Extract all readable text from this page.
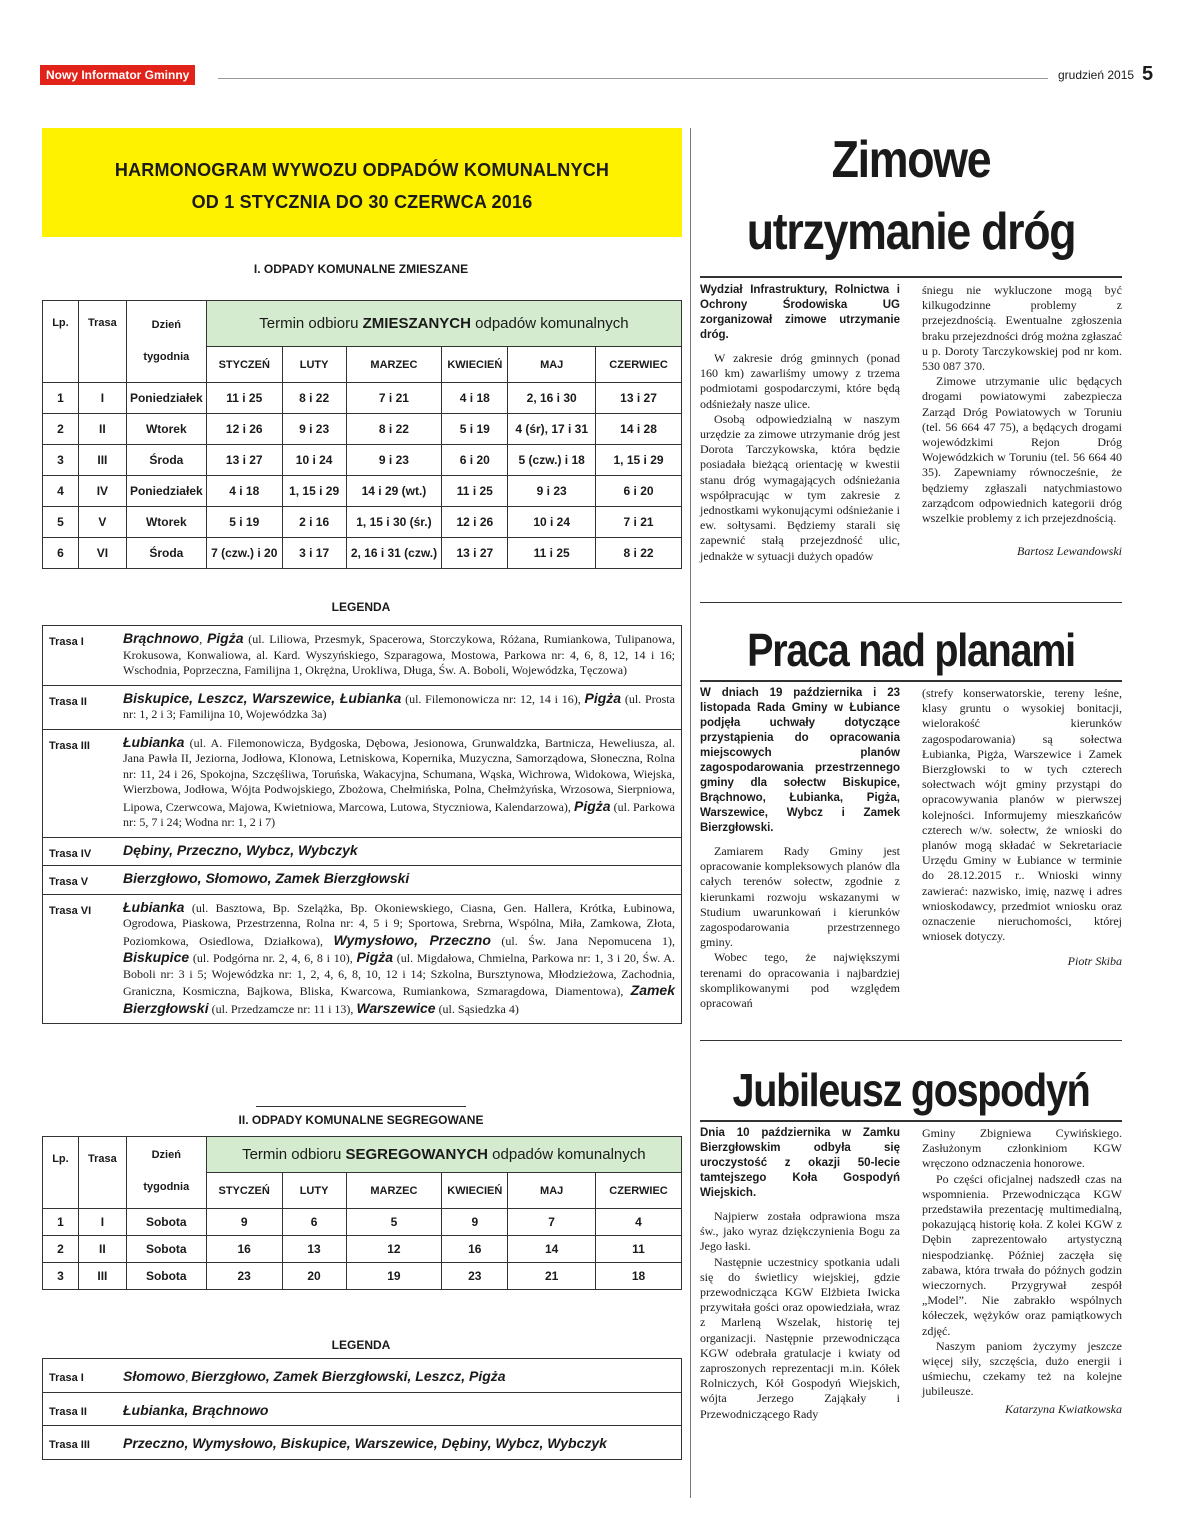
Nowy Informator Gminny	grudzień 2015 5
HARMONOGRAM WYWOZU ODPADÓW KOMUNALNYCH
OD 1 STYCZNIA DO 30 CZERWCA 2016
I. ODPADY KOMUNALNE ZMIESZANE
Lp.	Trasa	Dzień
tygodnia	Termin odbioru ZMIESZANYCH odpadów komunalnych					
			STYCZEŃ	LUTY	MARZEC	KWIECIEŃ	MAJ	CZERWIEC
1	I	Poniedziałek	11 i 25	8 i 22	7 i 21	4 i 18	2, 16 i 30	13 i 27
2	II	Wtorek	12 i 26	9 i 23	8 i 22	5 i 19	4 (śr), 17 i 31	14 i 28
3	III	Środa	13 i 27	10 i 24	9 i 23	6 i 20	5 (czw.) i 18	1, 15 i 29
4	IV	Poniedziałek	4 i 18	1, 15 i 29	14 i 29 (wt.)	11 i 25	9 i 23	6 i 20
5	V	Wtorek	5 i 19	2 i 16	1, 15 i 30 (śr.)	12 i 26	10 i 24	7 i 21
6	VI	Środa	7 (czw.) i 20	3 i 17	2, 16 i 31 (czw.)	13 i 27	11 i 25	8 i 22
LEGENDA
Trasa I	Brąchnowo, Pigża (ul. Liliowa, Przesmyk, Spacerowa, Storczykowa, Różana, Rumiankowa, Tulipanowa, Krokusowa, Konwaliowa, al. Kard. Wyszyńskiego, Szparagowa, Mostowa, Parkowa nr: 4, 6, 8, 12, 14 i 16; Wschodnia, Poprzeczna, Familijna 1, Okrężna, Urokliwa, Długa, Św. A. Boboli, Wojewódzka, Tęczowa)
Trasa II	Biskupice, Leszcz, Warszewice, Łubianka (ul. Filemonowicza nr: 12, 14 i 16), Pigża (ul. Prosta nr: 1, 2 i 3; Familijna 10, Wojewódzka 3a)
Trasa III	Łubianka (ul. A. Filemonowicza, Bydgoska, Dębowa, Jesionowa, Grunwaldzka, Bartnicza, Heweliusza, al. Jana Pawła II, Jeziorna, Jodłowa, Klonowa, Letniskowa, Kopernika, Muzyczna, Samorządowa, Słoneczna, Rolna nr: 11, 24 i 26, Spokojna, Szczęśliwa, Toruńska, Wakacyjna, Schumana, Wąska, Wichrowa, Widokowa, Wiejska, Wierzbowa, Jodłowa, Wójta Podwojskiego, Zbożowa, Chełmińska, Polna, Chełmżyńska, Wrzosowa, Sierpniowa, Lipowa, Czerwcowa, Majowa, Kwietniowa, Marcowa, Lutowa, Styczniowa, Kalendarzowa), Pigża (ul. Parkowa nr: 5, 7 i 24; Wodna nr: 1, 2 i 7)
Trasa IV	Dębiny, Przeczno, Wybcz, Wybczyk
Trasa V	Bierzgłowo, Słomowo, Zamek Bierzgłowski
Trasa VI	Łubianka (ul. Basztowa, Bp. Szelążka, Bp. Okoniewskiego, Ciasna, Gen. Hallera, Krótka, Łubinowa, Ogrodowa, Piaskowa, Przestrzenna, Rolna nr: 4, 5 i 9; Sportowa, Srebrna, Wspólna, Miła, Zamkowa, Złota, Poziomkowa, Osiedlowa, Działkowa), Wymysłowo, Przeczno (ul. Św. Jana Nepomucena 1), Biskupice (ul. Podgórna nr. 2, 4, 6, 8 i 10), Pigża (ul. Migdałowa, Chmielna, Parkowa nr: 1, 3 i 20, Św. A. Boboli nr: 3 i 5; Wojewódzka nr: 1, 2, 4, 6, 8, 10, 12 i 14; Szkolna, Bursztynowa, Młodzieżowa, Zachodnia, Graniczna, Kosmiczna, Bajkowa, Bliska, Kwarcowa, Rumiankowa, Szmaragdowa, Diamentowa), Zamek Bierzgłowski (ul. Przedzamcze nr: 11 i 13), Warszewice (ul. Sąsiedzka 4)
II. ODPADY KOMUNALNE SEGREGOWANE
Lp.	Trasa	Dzień
tygodnia	Termin odbioru SEGREGOWANYCH odpadów komunalnych					
			STYCZEŃ	LUTY	MARZEC	KWIECIEŃ	MAJ	CZERWIEC
1	I	Sobota	9	6	5	9	7	4
2	II	Sobota	16	13	12	16	14	11
3	III	Sobota	23	20	19	23	21	18
LEGENDA
Trasa I	Słomowo, Bierzgłowo, Zamek Bierzgłowski, Leszcz, Pigża
Trasa II	Łubianka, Brąchnowo
Trasa III	Przeczno, Wymysłowo, Biskupice, Warszewice, Dębiny, Wybcz, Wybczyk
Zimowe
utrzymanie dróg

Wydział Infrastruktury, Rolnictwa i Ochrony Środowiska UG zorganizował zimowe utrzymanie dróg.

W zakresie dróg gminnych (ponad 160 km) zawarliśmy umowy z trzema podmiotami gospodarczymi, które będą odśnieżały nasze ulice.

Osobą odpowiedzialną w naszym urzędzie za zimowe utrzymanie dróg jest Dorota Tarczykowska, która będzie posiadała bieżącą orientację w kwestii stanu dróg wymagających odśnieżania współpracując w tym zakresie z jednostkami wykonującymi odśnieżanie i ew. sołtysami. Będziemy starali się zapewnić stałą przejezdność ulic, jednakże w sytuacji dużych opadów

śniegu nie wykluczone mogą być kilkugodzinne problemy z przejezdnością. Ewentualne zgłoszenia braku przejezdności dróg można zgłaszać u p. Doroty Tarczykowskiej pod nr kom. 530 087 370.

Zimowe utrzymanie ulic będących drogami powiatowymi zabezpiecza Zarząd Dróg Powiatowych w Toruniu (tel. 56 664 47 75), a będących drogami wojewódzkimi Rejon Dróg Wojewódzkich w Toruniu (tel. 56 664 40 35). Zapewniamy równocześnie, że będziemy zgłaszali natychmiastowo zarządcom odpowiednich kategorii dróg wszelkie problemy z ich przejezdnością.

Bartosz Lewandowski

Praca nad planami

W dniach 19 października i 23 listopada Rada Gminy w Łubiance podjęła uchwały dotyczące przystąpienia do opracowania miejscowych planów zagospodarowania przestrzennego gminy dla sołectw Biskupice, Brąchnowo, Łubianka, Pigża, Warszewice, Wybcz i Zamek Bierzgłowski.

Zamiarem Rady Gminy jest opracowanie kompleksowych planów dla całych terenów sołectw, zgodnie z kierunkami rozwoju wskazanymi w Studium uwarunkowań i kierunków zagospodarowania przestrzennego gminy.

Wobec tego, że największymi terenami do opracowania i najbardziej skomplikowanymi pod względem opracowań

(strefy konserwatorskie, tereny leśne, klasy gruntu o wysokiej bonitacji, wielorakość kierunków zagospodarowania) są sołectwa Łubianka, Pigża, Warszewice i Zamek Bierzgłowski to w tych czterech sołectwach wójt gminy przystąpi do opracowywania planów w pierwszej kolejności. Informujemy mieszkańców czterech w/w. sołectw, że wnioski do planów mogą składać w Sekretariacie Urzędu Gminy w Łubiance w terminie do 28.12.2015 r.. Wnioski winny zawierać: nazwisko, imię, nazwę i adres wnioskodawcy, przedmiot wniosku oraz oznaczenie nieruchomości, której wniosek dotyczy.

Piotr Skiba

Jubileusz gospodyń

Dnia 10 października w Zamku Bierzgłowskim odbyła się uroczystość z okazji 50-lecie tamtejszego Koła Gospodyń Wiejskich.

Najpierw została odprawiona msza św., jako wyraz dziękczynienia Bogu za Jego łaski.

Następnie uczestnicy spotkania udali się do świetlicy wiejskiej, gdzie przewodnicząca KGW Elżbieta Iwicka przywitała gości oraz opowiedziała, wraz z Marleną Wszelak, historię tej organizacji. Następnie przewodnicząca KGW odebrała gratulacje i kwiaty od zaproszonych reprezentacji m.in. Kółek Rolniczych, Kół Gospodyń Wiejskich, wójta Jerzego Zająkały i Przewodniczącego Rady

Gminy Zbigniewa Cywińskiego. Zasłużonym członkiniom KGW wręczono odznaczenia honorowe.

Po części oficjalnej nadszedł czas na wspomnienia. Przewodnicząca KGW przedstawiła prezentację multimedialną, pokazującą historię koła. Z kolei KGW z Dębin zaprezentowało artystyczną niespodziankę. Później zaczęła się zabawa, która trwała do późnych godzin wieczornych. Przygrywał zespół „Model”. Nie zabrakło wspólnych kółeczek, wężyków oraz pamiątkowych zdjęć.

Naszym paniom życzymy jeszcze więcej siły, szczęścia, dużo energii i uśmiechu, czekamy też na kolejne jubileusze.

Katarzyna Kwiatkowska
